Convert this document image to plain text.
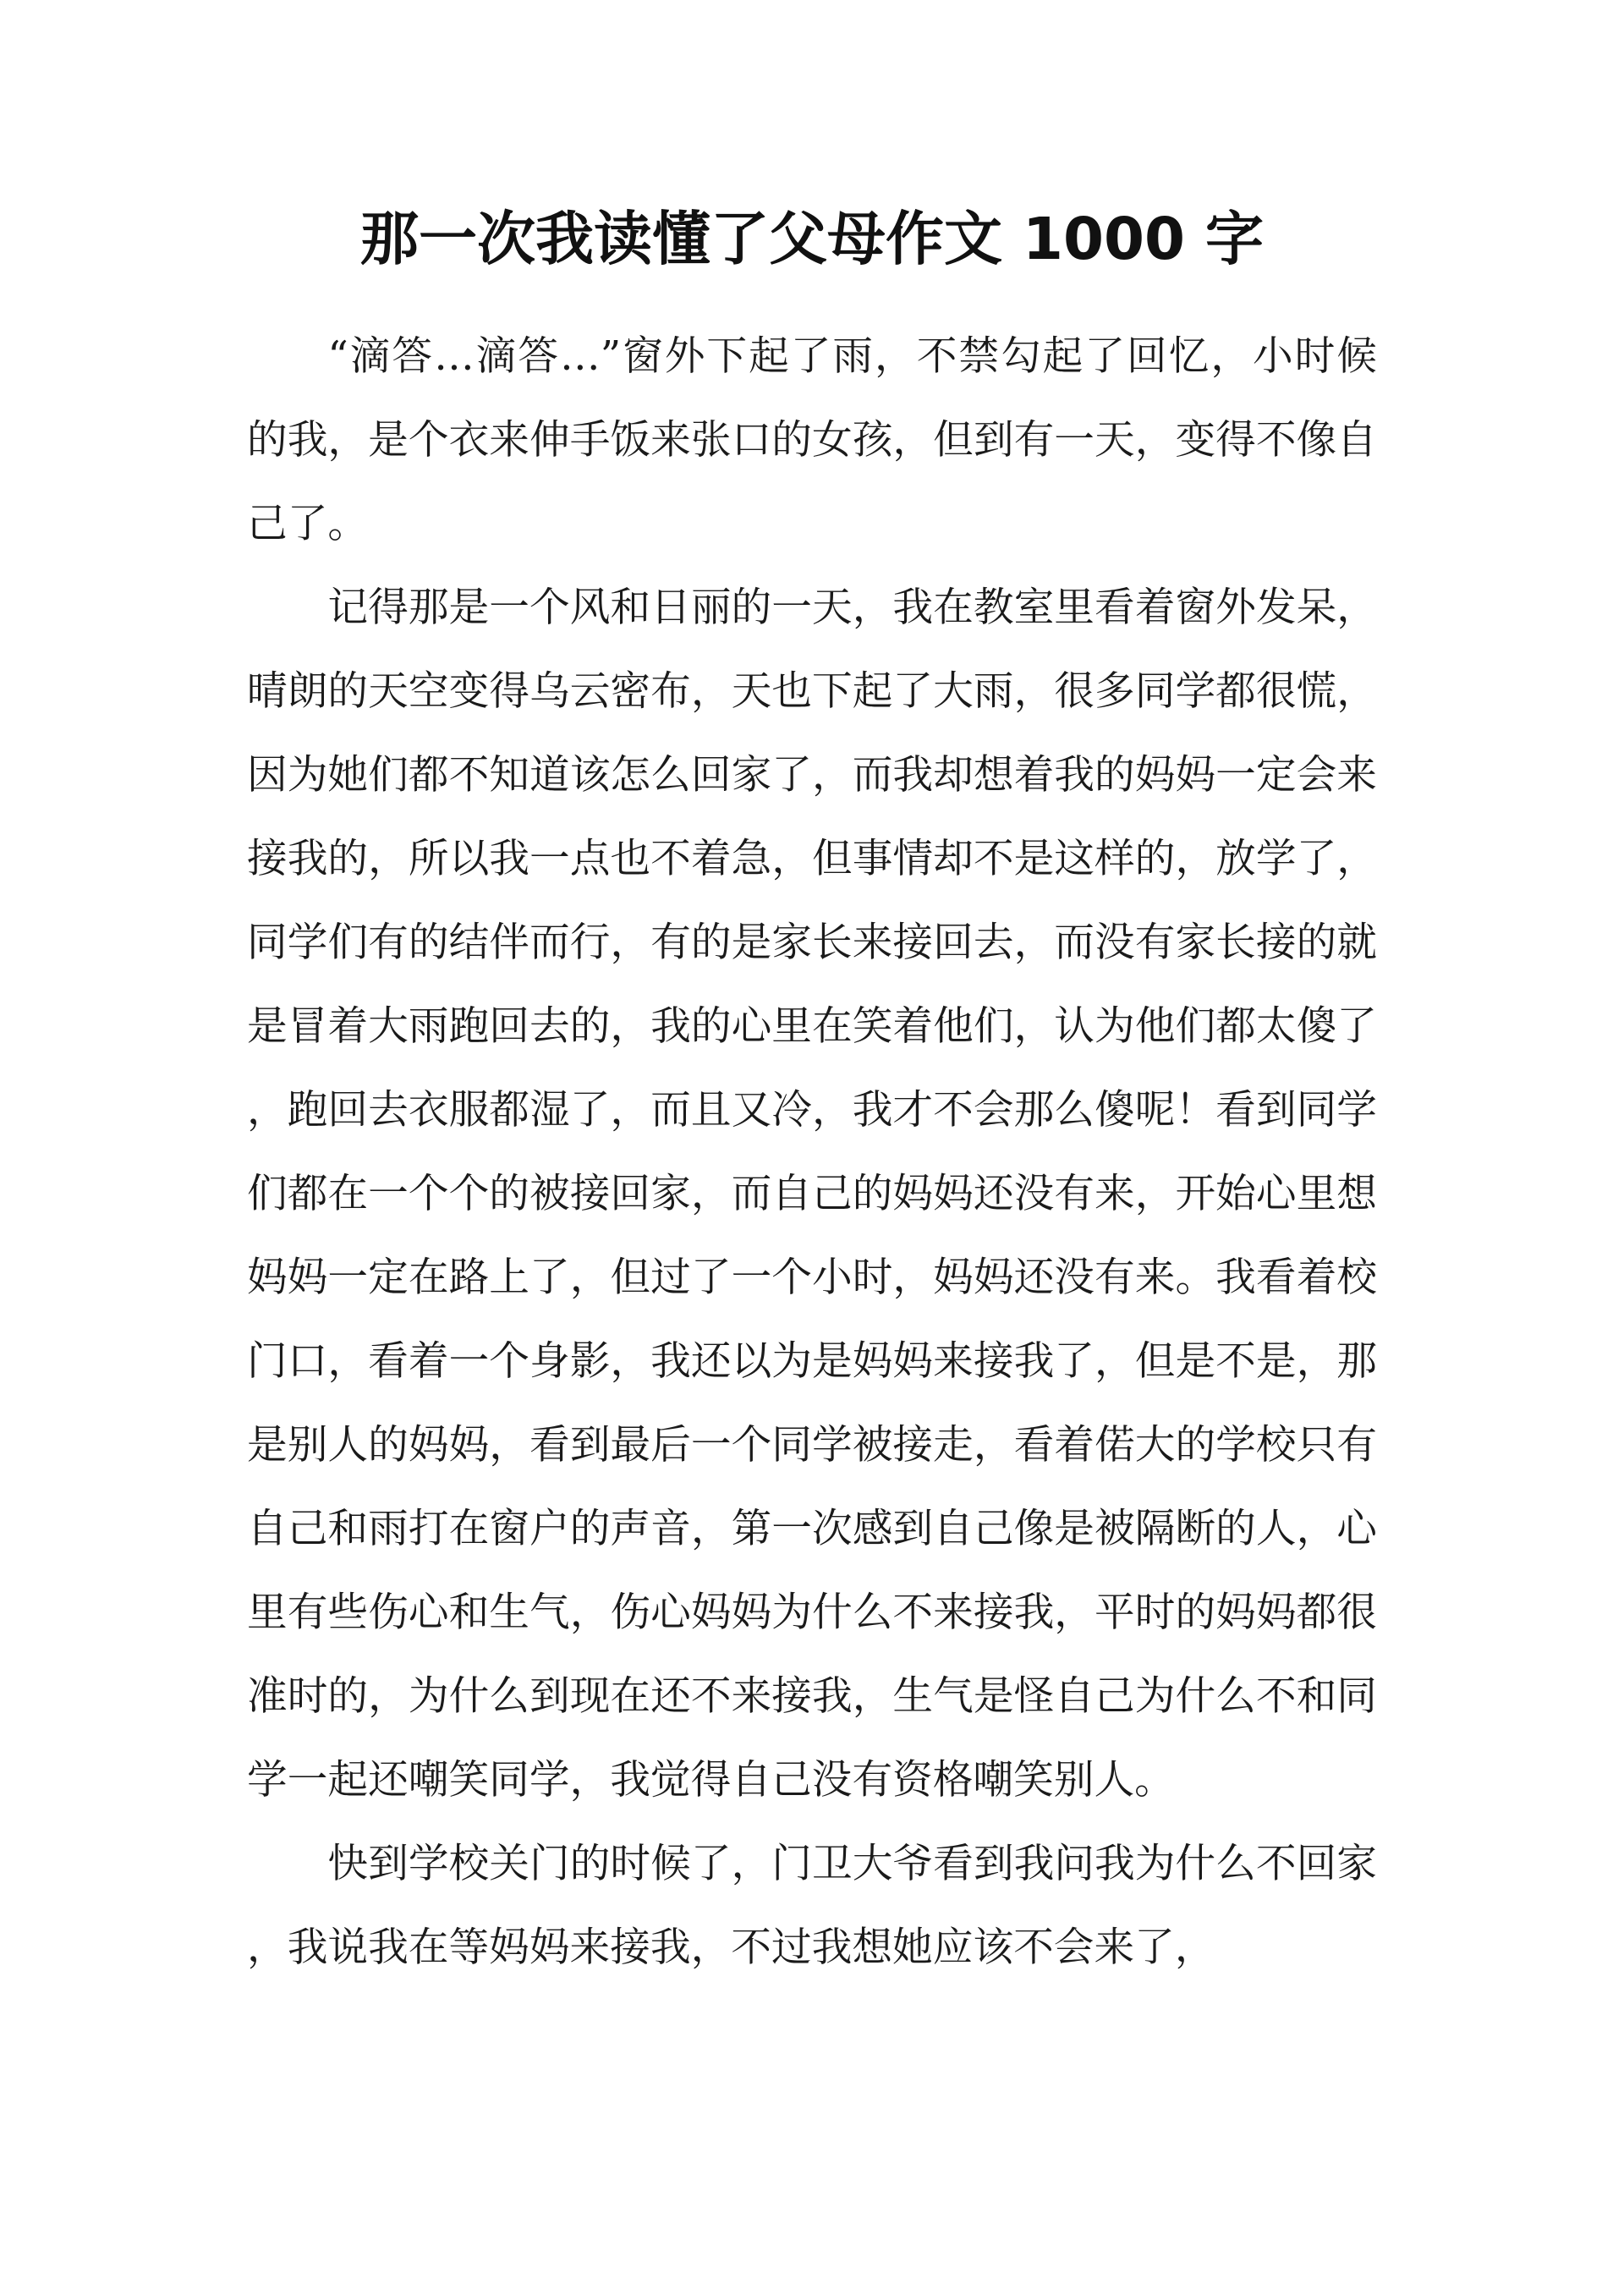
那一次我读懂了父母作文 1000 字

“滴答…滴答…”窗外下起了雨，不禁勾起了回忆，小时候的我，是个衣来伸手饭来张口的女孩，但到有一天，变得不像自己了。

记得那是一个风和日丽的一天，我在教室里看着窗外发呆，晴朗的天空变得乌云密布，天也下起了大雨，很多同学都很慌，因为她们都不知道该怎么回家了，而我却想着我的妈妈一定会来接我的，所以我一点也不着急，但事情却不是这样的，放学了，同学们有的结伴而行，有的是家长来接回去，而没有家长接的就是冒着大雨跑回去的，我的心里在笑着他们，认为他们都太傻了，跑回去衣服都湿了，而且又冷，我才不会那么傻呢！看到同学们都在一个个的被接回家，而自己的妈妈还没有来，开始心里想妈妈一定在路上了，但过了一个小时，妈妈还没有来。我看着校门口，看着一个身影，我还以为是妈妈来接我了，但是不是，那是别人的妈妈，看到最后一个同学被接走，看着偌大的学校只有自己和雨打在窗户的声音，第一次感到自己像是被隔断的人，心里有些伤心和生气，伤心妈妈为什么不来接我，平时的妈妈都很准时的，为什么到现在还不来接我，生气是怪自己为什么不和同学一起还嘲笑同学，我觉得自己没有资格嘲笑别人。

快到学校关门的时候了，门卫大爷看到我问我为什么不回家，我说我在等妈妈来接我，不过我想她应该不会来了，
